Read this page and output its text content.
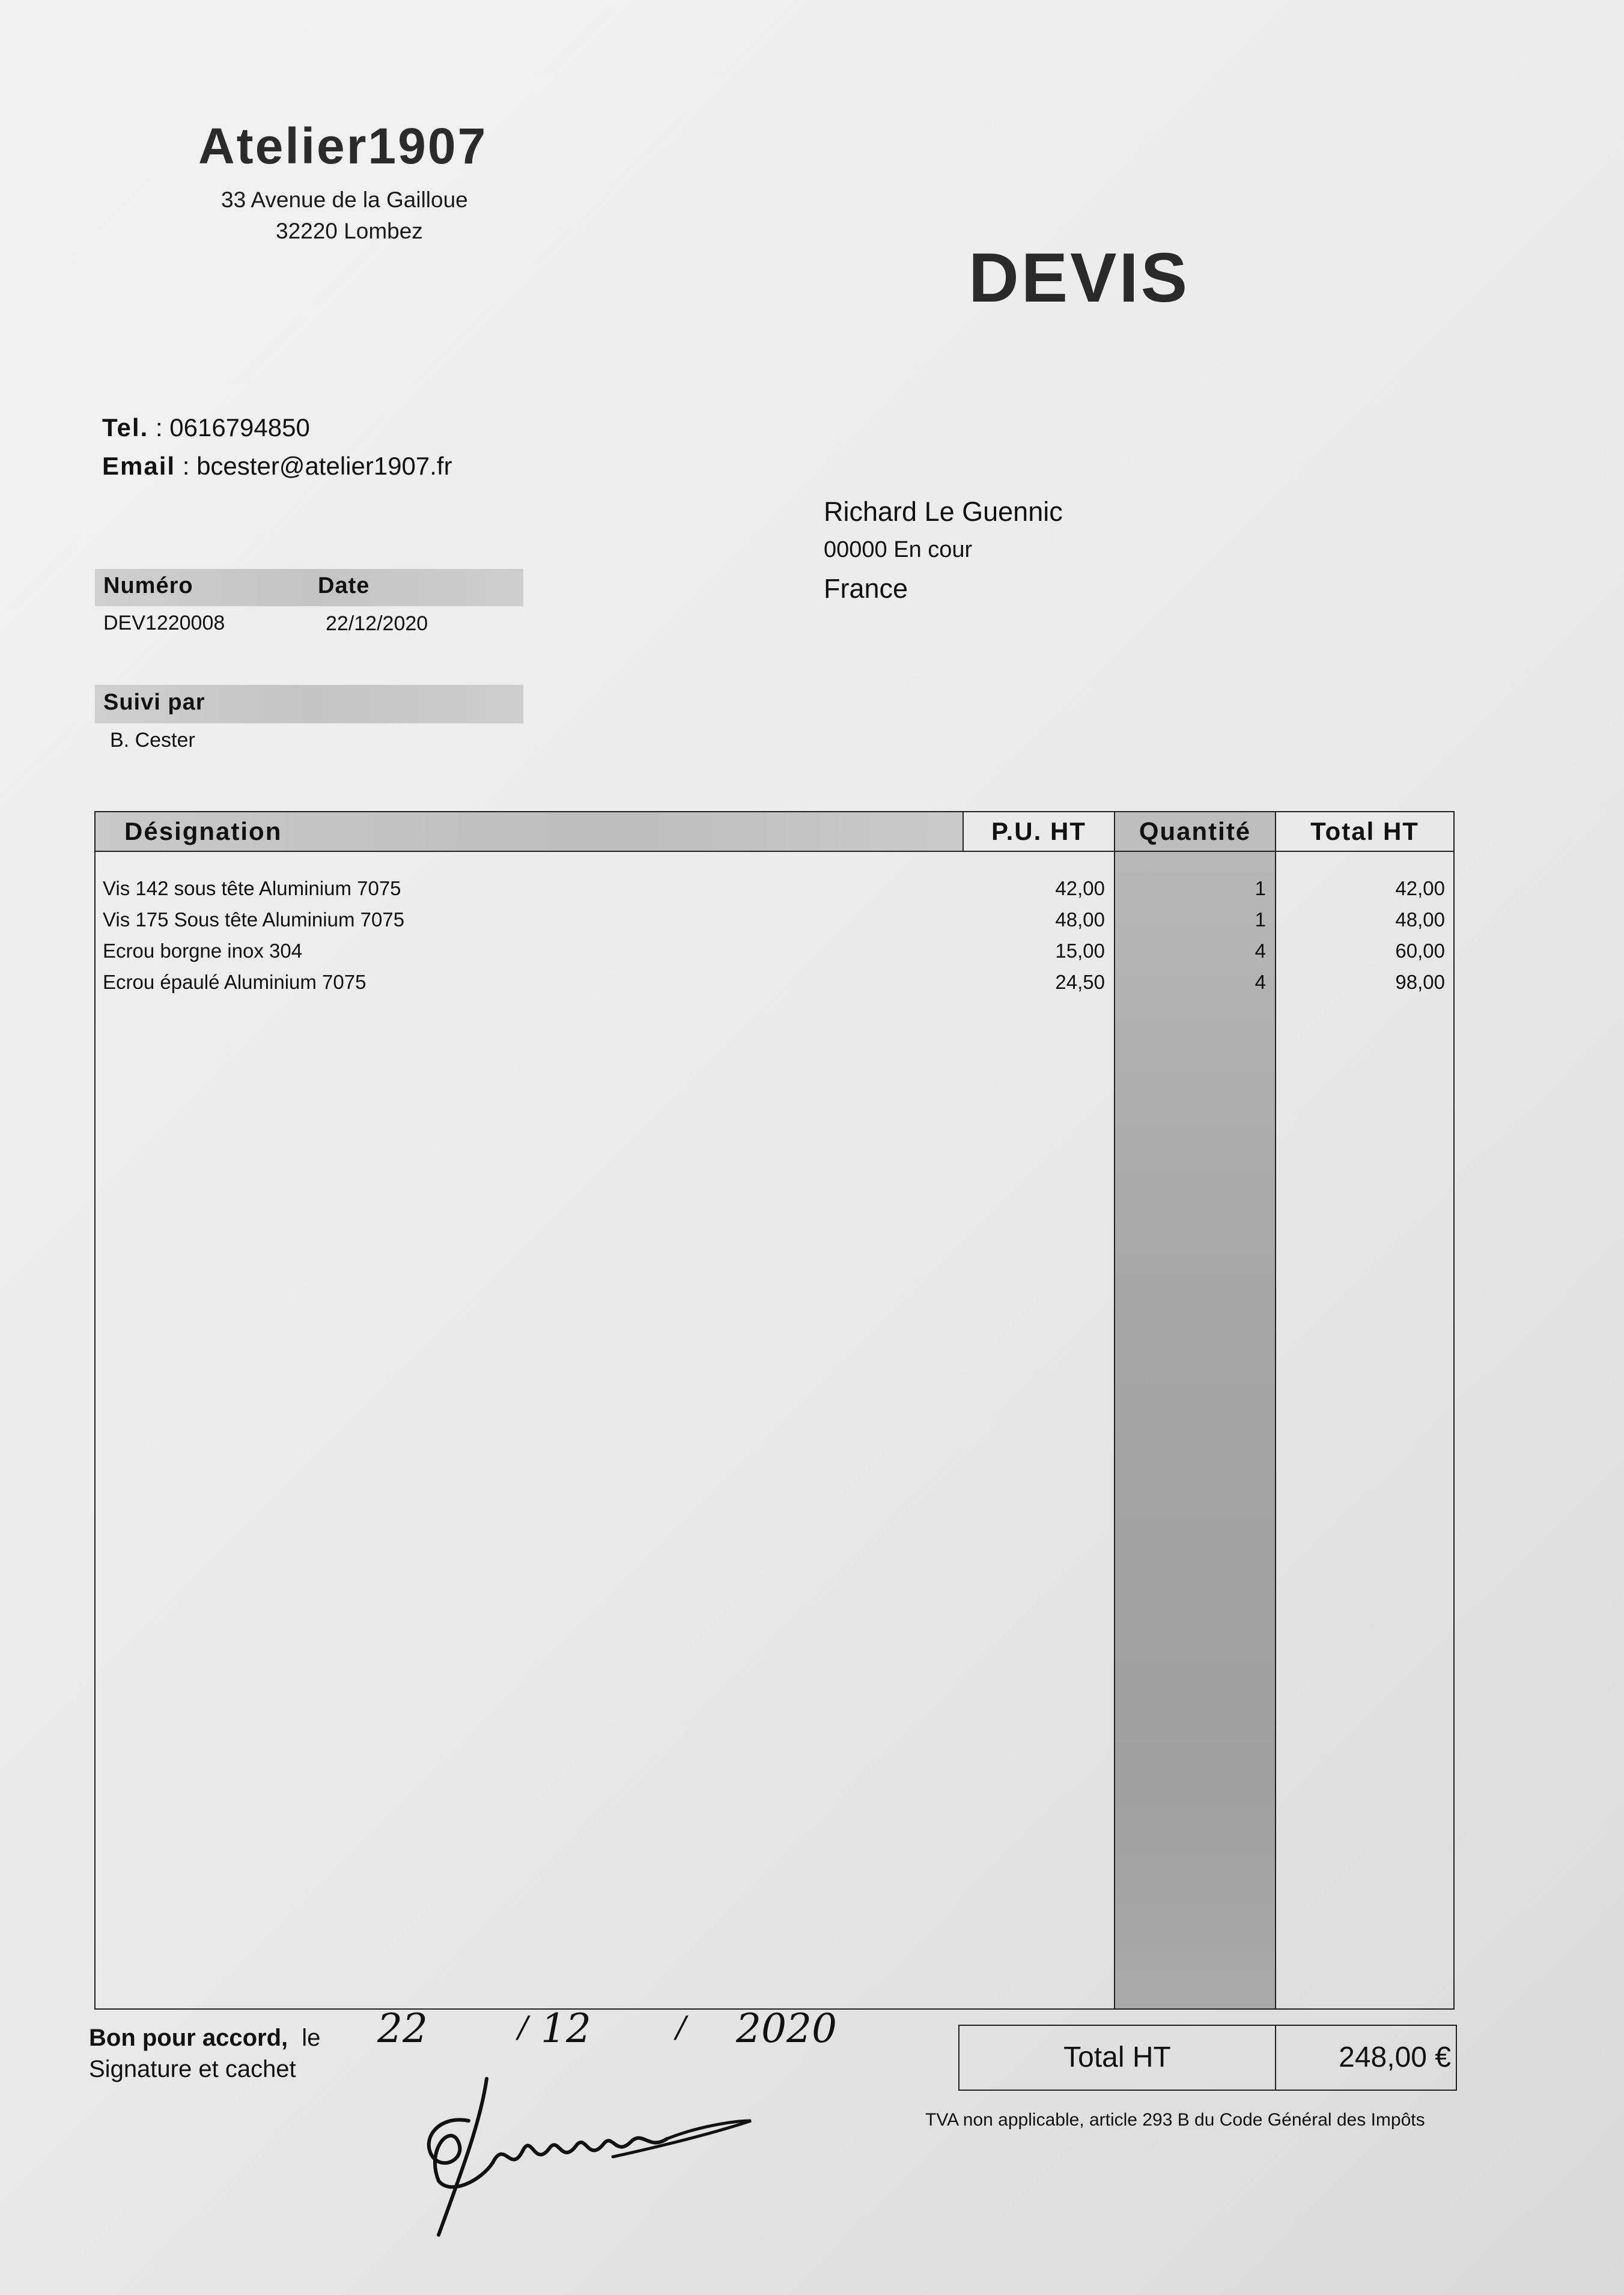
Atelier1907
33 Avenue de la Gailloue
32220 Lombez
DEVIS
Tel. : 0616794850
Email : bcester@atelier1907.fr
Richard Le Guennic
00000 En cour
France
Numéro	Date
DEV1220008	22/12/2020
Suivi par
B. Cester
Désignation	P.U. HT	Quantité	Total HT
Vis 142 sous tête Aluminium 7075	42,00	1	42,00
Vis 175 Sous tête Aluminium 7075	48,00	1	48,00
Ecrou borgne inox 304	15,00	4	60,00
Ecrou épaulé Aluminium 7075	24,50	4	98,00
Bon pour accord, le 22	/ 12	/ 2020
Signature et cachet	Total HT	248,00 €
TVA non applicable, article 293 B du Code Général des Impôts
